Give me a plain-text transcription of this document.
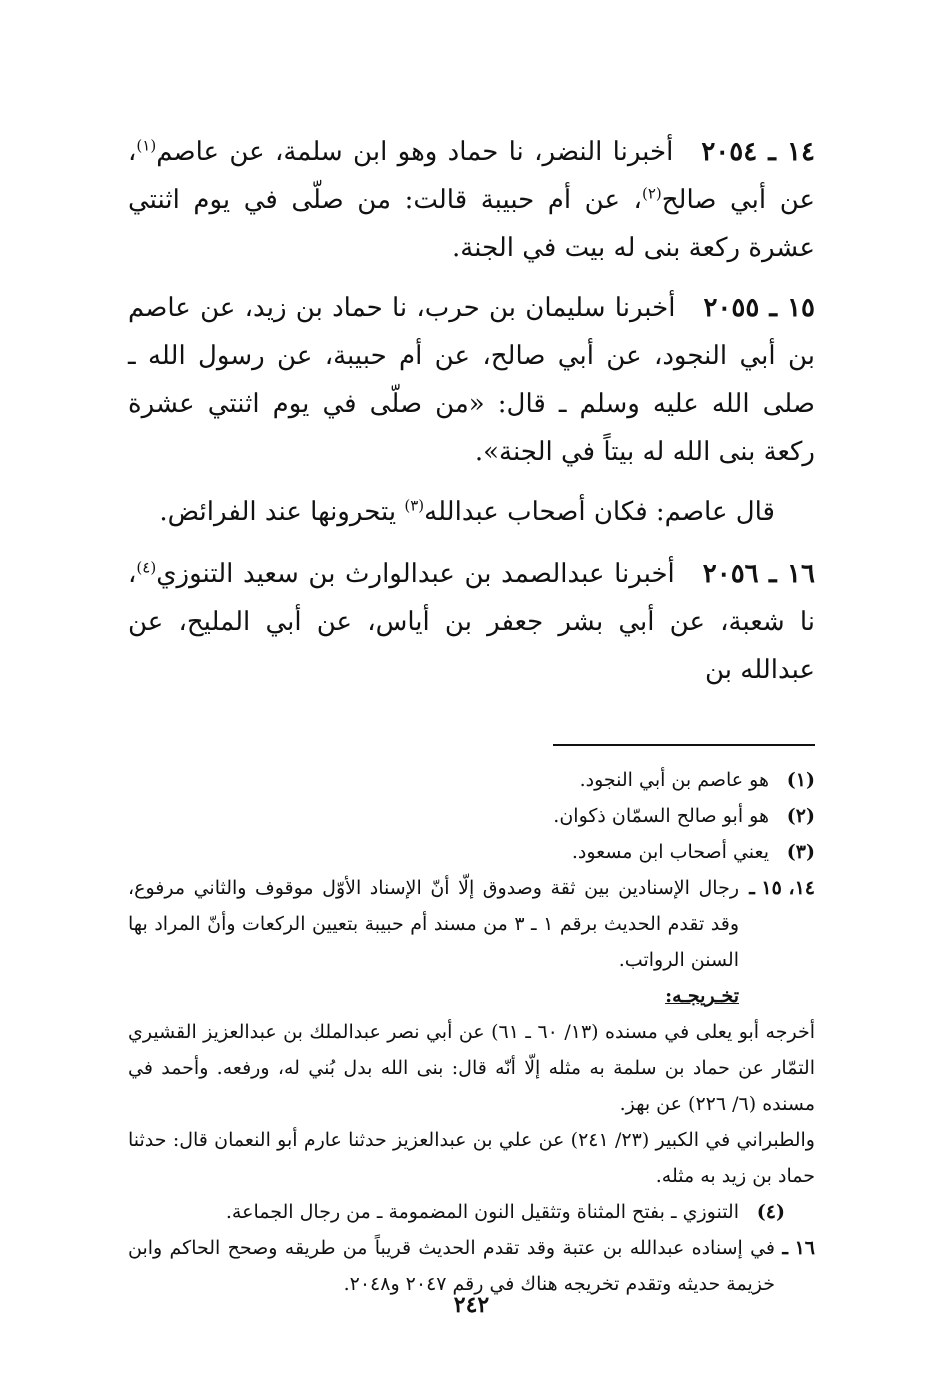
١٤ ـ ٢٠٥٤أخبرنا النضر، نا حماد وهو ابن سلمة، عن عاصم$^{(١)}$، عن أبي صالح$^{(٢)}$، عن أم حبيبة قالت: من صلّى في يوم اثنتي عشرة ركعة بنى له بيت في الجنة.

١٥ ـ ٢٠٥٥أخبرنا سليمان بن حرب، نا حماد بن زيد، عن عاصم بن أبي النجود، عن أبي صالح، عن أم حبيبة، عن رسول الله ـ صلى الله عليه وسلم ـ قال: «من صلّى في يوم اثنتي عشرة ركعة بنى الله له بيتاً في الجنة».

قال عاصم: فكان أصحاب عبدالله$^{(٣)}$ يتحرونها عند الفرائض.

١٦ ـ ٢٠٥٦أخبرنا عبدالصمد بن عبدالوارث بن سعيد التنوزي$^{(٤)}$، نا شعبة، عن أبي بشر جعفر بن أياس، عن أبي المليح، عن عبدالله بن

(١)
هو عاصم بن أبي النجود.
(٢)
هو أبو صالح السمّان ذكوان.
(٣)
يعني أصحاب ابن مسعود.
١٤، ١٥ ـ
رجال الإسنادين بين ثقة وصدوق إلّا أنّ الإسناد الأوّل موقوف والثاني مرفوع، وقد تقدم الحديث برقم ١ ـ ٣ من مسند أم حبيبة بتعيين الركعات وأنّ المراد بها السنن الرواتب.
تخـريجـه:
أخرجه أبو يعلى في مسنده (١٣/ ٦٠ ـ ٦١) عن أبي نصر عبدالملك بن عبدالعزيز القشيري التمّار عن حماد بن سلمة به مثله إلّا أنّه قال: بنى الله بدل بُني له، ورفعه. وأحمد في مسنده (٦/ ٢٢٦) عن بهز.
والطبراني في الكبير (٢٣/ ٢٤١) عن علي بن عبدالعزيز حدثنا عارم أبو النعمان قال: حدثنا حماد بن زيد به مثله.
(٤)
التنوزي ـ بفتح المثناة وتثقيل النون المضمومة ـ من رجال الجماعة.
١٦ ـ
في إسناده عبدالله بن عتبة وقد تقدم الحديث قريباً من طريقه وصحح الحاكم وابن خزيمة حديثه وتقدم تخريجه هناك في رقم ٢٠٤٧ و٢٠٤٨.
٢٤٢
